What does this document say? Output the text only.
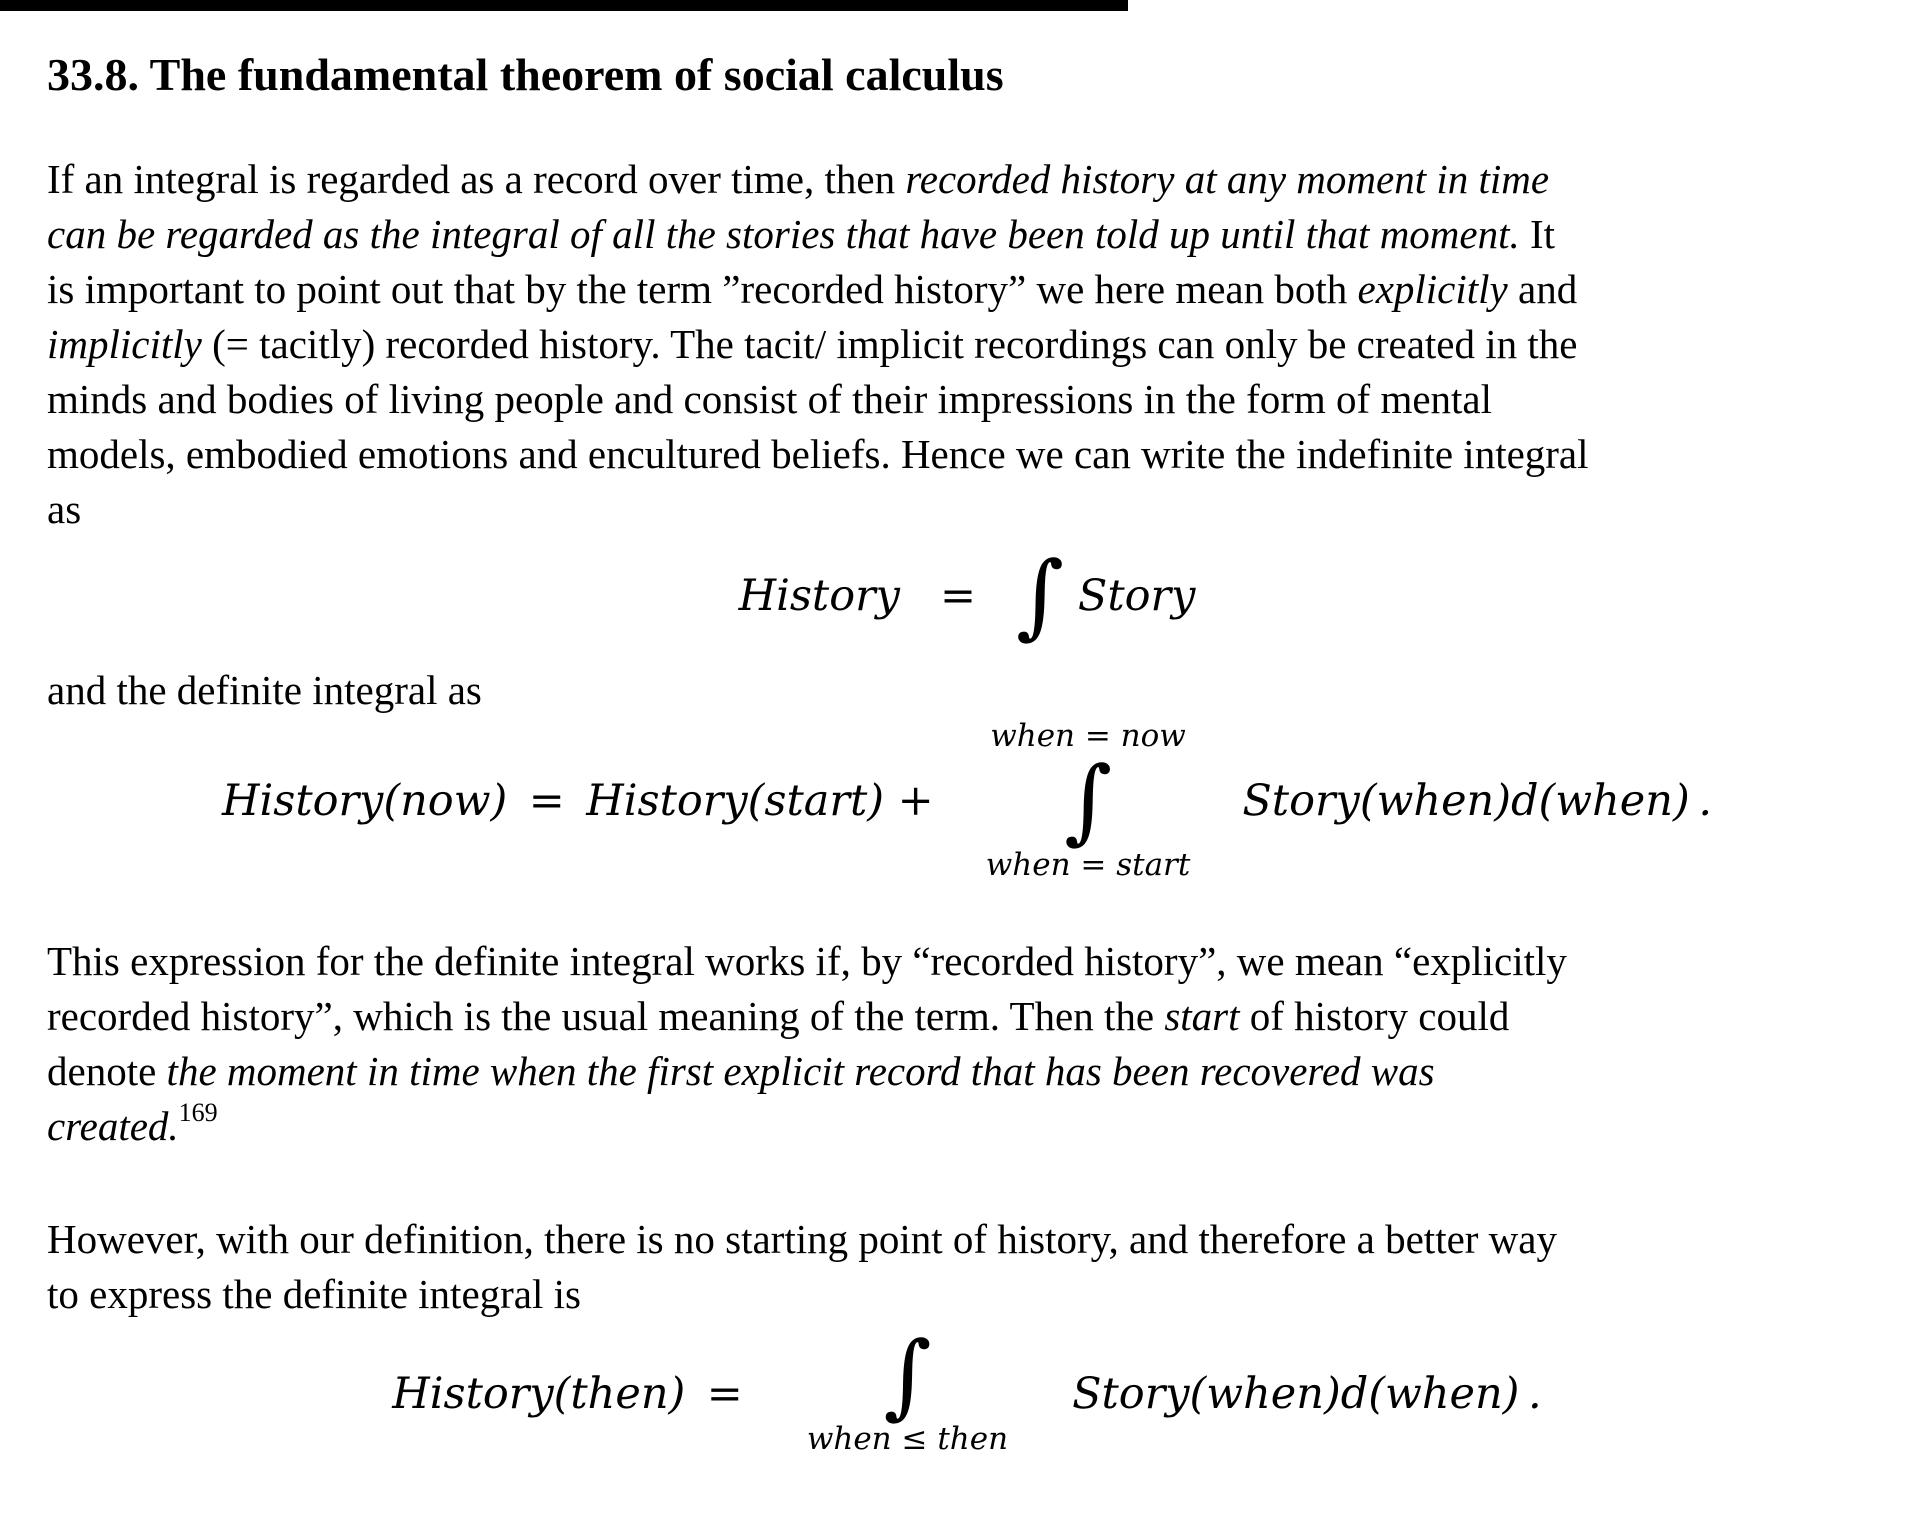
33.8. The fundamental theorem of social calculus

If an integral is regarded as a record over time, then recorded history at any moment in time
can be regarded as the integral of all the stories that have been told up until that moment. It
is important to point out that by the term ”recorded history” we here mean both explicitly and
implicitly (= tacitly) recorded history. The tacit/ implicit recordings can only be created in the
minds and bodies of living people and consist of their impressions in the form of mental
models, embodied emotions and encultured beliefs. Hence we can write the indefinite integral
as

History = ∫ Story

and the definite integral as

History(now) = History(start) +
when = now
∫
when = start
Story(when)d(when) .

This expression for the definite integral works if, by “recorded history”, we mean “explicitly
recorded history”, which is the usual meaning of the term. Then the start of history could
denote the moment in time when the first explicit record that has been recovered was
created.$^{169}$

However, with our definition, there is no starting point of history, and therefore a better way
to express the definite integral is

History(then) = ∫
when ≤ then
Story(when)d(when) .
